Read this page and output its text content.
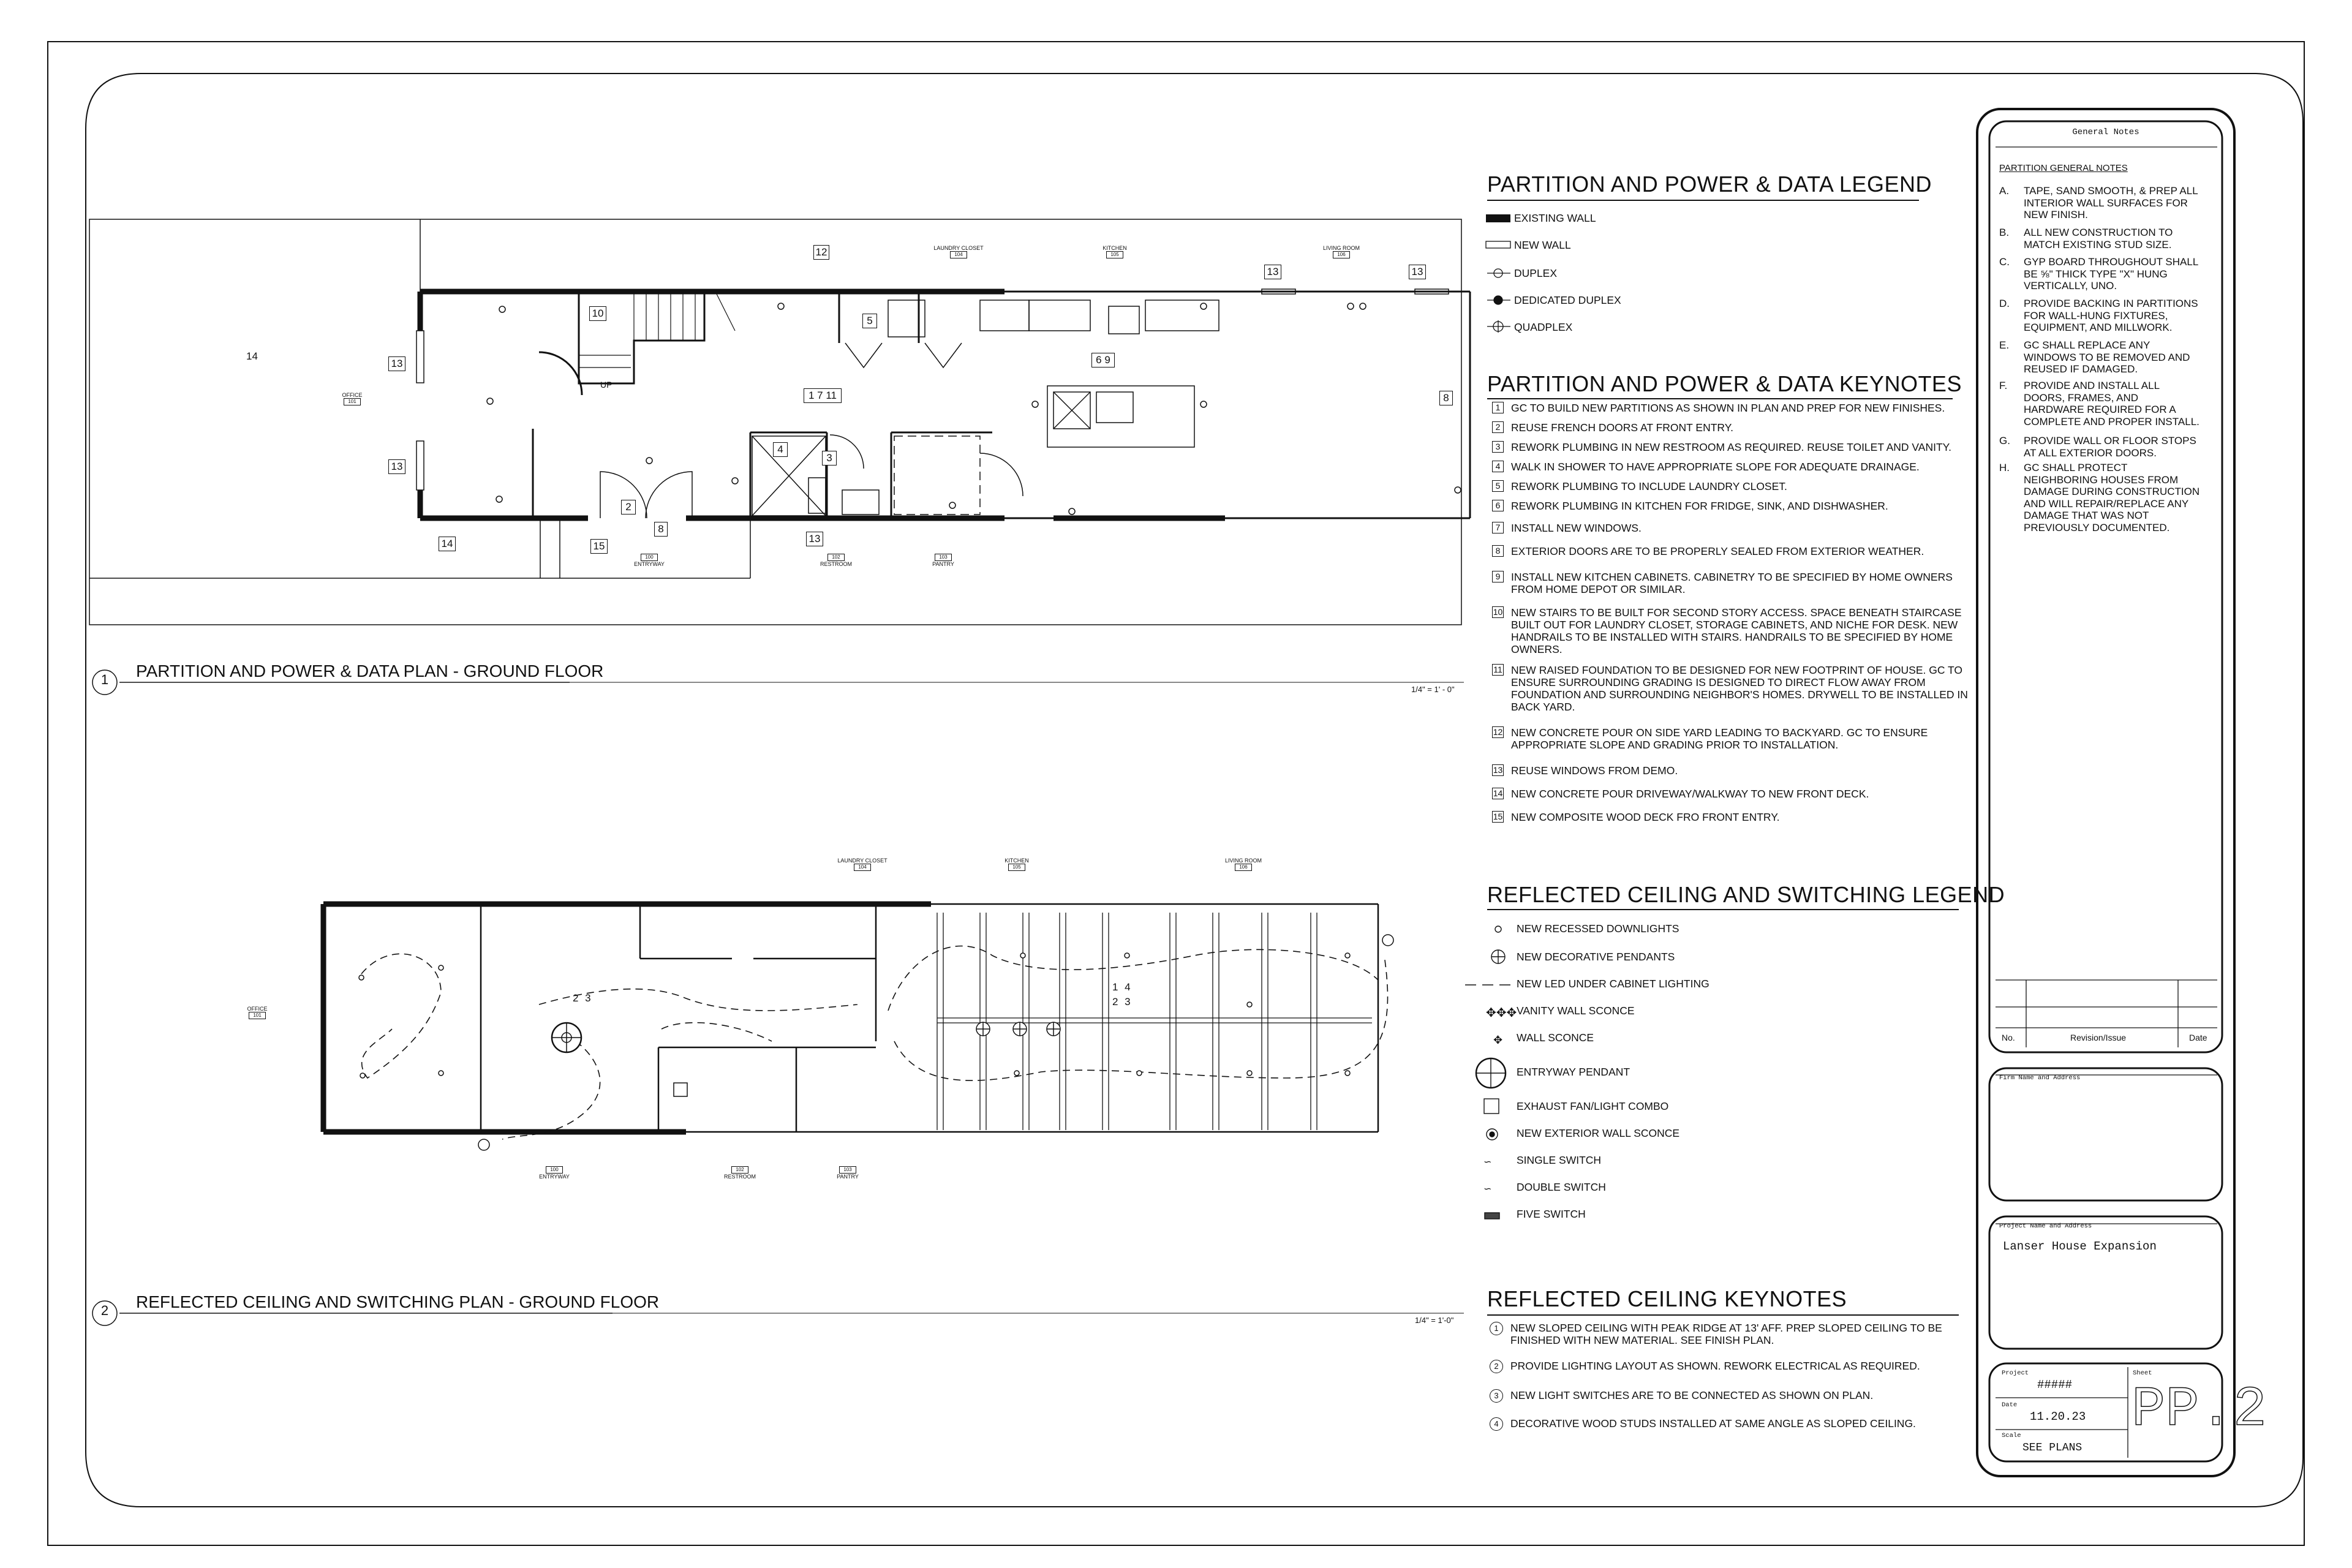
✥✥✥
✥
∽
∽
PARTITION AND POWER & DATA PLAN - GROUND FLOOR
1
1/4" = 1' - 0"
LAUNDRY CLOSET
104
KITCHEN
105
LIVING ROOM
106
OFFICE
101
100
ENTRYWAY
102
RESTROOM
103
PANTRY
UP
12
13	13
10
5
14
13	6 9
8
1 7 11
4
3
13
2
8
14	15
13
REFLECTED CEILING AND SWITCHING PLAN - GROUND FLOOR
2
1/4" = 1'-0"
LAUNDRY CLOSET
104
KITCHEN
105
LIVING ROOM
106
OFFICE
101
100
ENTRYWAY
102
RESTROOM
103
PANTRY
2 3
1 4
2 3
PARTITION AND POWER & DATA LEGEND
EXISTING WALL
NEW WALL
DUPLEX
DEDICATED DUPLEX
QUADPLEX
PARTITION AND POWER & DATA KEYNOTES
1	GC TO BUILD NEW PARTITIONS AS SHOWN IN PLAN AND PREP FOR NEW FINISHES.
2	REUSE FRENCH DOORS AT FRONT ENTRY.
3	REWORK PLUMBING IN NEW RESTROOM AS REQUIRED. REUSE TOILET AND VANITY.
4	WALK IN SHOWER TO HAVE APPROPRIATE SLOPE FOR ADEQUATE DRAINAGE.
5	REWORK PLUMBING TO INCLUDE LAUNDRY CLOSET.
6	REWORK PLUMBING IN KITCHEN FOR FRIDGE, SINK, AND DISHWASHER.
7	INSTALL NEW WINDOWS.
8	EXTERIOR DOORS ARE TO BE PROPERLY SEALED FROM EXTERIOR WEATHER.
9	INSTALL NEW KITCHEN CABINETS. CABINETRY TO BE SPECIFIED BY HOME OWNERS FROM HOME DEPOT OR SIMILAR.
10 NEW STAIRS TO BE BUILT FOR SECOND STORY ACCESS. SPACE BENEATH STAIRCASE BUILT OUT FOR LAUNDRY CLOSET, STORAGE CABINETS, AND NICHE FOR DESK. NEW HANDRAILS TO BE INSTALLED WITH STAIRS. HANDRAILS TO BE SPECIFIED BY HOME OWNERS.
11 NEW RAISED FOUNDATION TO BE DESIGNED FOR NEW FOOTPRINT OF HOUSE. GC TO ENSURE SURROUNDING GRADING IS DESIGNED TO DIRECT FLOW AWAY FROM FOUNDATION AND SURROUNDING NEIGHBOR'S HOMES. DRYWELL TO BE INSTALLED IN BACK YARD.
12 NEW CONCRETE POUR ON SIDE YARD LEADING TO BACKYARD. GC TO ENSURE APPROPRIATE SLOPE AND GRADING PRIOR TO INSTALLATION.
13 REUSE WINDOWS FROM DEMO.
14 NEW CONCRETE POUR DRIVEWAY/WALKWAY TO NEW FRONT DECK.
15 NEW COMPOSITE WOOD DECK FRO FRONT ENTRY.
REFLECTED CEILING AND SWITCHING LEGEND
NEW RECESSED DOWNLIGHTS
NEW DECORATIVE PENDANTS
NEW LED UNDER CABINET LIGHTING
VANITY WALL SCONCE
WALL SCONCE
ENTRYWAY PENDANT
EXHAUST FAN/LIGHT COMBO
NEW EXTERIOR WALL SCONCE
SINGLE SWITCH
DOUBLE SWITCH
FIVE SWITCH
REFLECTED CEILING KEYNOTES
1	NEW SLOPED CEILING WITH PEAK RIDGE AT 13' AFF. PREP SLOPED CEILING TO BE FINISHED WITH NEW MATERIAL. SEE FINISH PLAN.
2	PROVIDE LIGHTING LAYOUT AS SHOWN. REWORK ELECTRICAL AS REQUIRED.
3	NEW LIGHT SWITCHES ARE TO BE CONNECTED AS SHOWN ON PLAN.
4	DECORATIVE WOOD STUDS INSTALLED AT SAME ANGLE AS SLOPED CEILING.
General Notes
PARTITION GENERAL NOTES
A.	TAPE, SAND SMOOTH, & PREP ALL INTERIOR WALL SURFACES FOR NEW FINISH.
B.	ALL NEW CONSTRUCTION TO MATCH EXISTING STUD SIZE.
C.	GYP BOARD THROUGHOUT SHALL BE ⅝" THICK TYPE "X" HUNG VERTICALLY, UNO.
D.	PROVIDE BACKING IN PARTITIONS FOR WALL-HUNG FIXTURES, EQUIPMENT, AND MILLWORK.
E.	GC SHALL REPLACE ANY WINDOWS TO BE REMOVED AND REUSED IF DAMAGED.
F.	PROVIDE AND INSTALL ALL DOORS, FRAMES, AND HARDWARE REQUIRED FOR A COMPLETE AND PROPER INSTALL.
G.	PROVIDE WALL OR FLOOR STOPS AT ALL EXTERIOR DOORS.
H.	GC SHALL PROTECT NEIGHBORING HOUSES FROM DAMAGE DURING CONSTRUCTION AND WILL REPAIR/REPLACE ANY DAMAGE THAT WAS NOT PREVIOUSLY DOCUMENTED.
No.	Revision/Issue	Date
Firm Name and Address
Project Name and Address
Lanser House Expansion
Project
#####
Sheet
PP.2
Date
11.20.23
Scale
SEE PLANS
